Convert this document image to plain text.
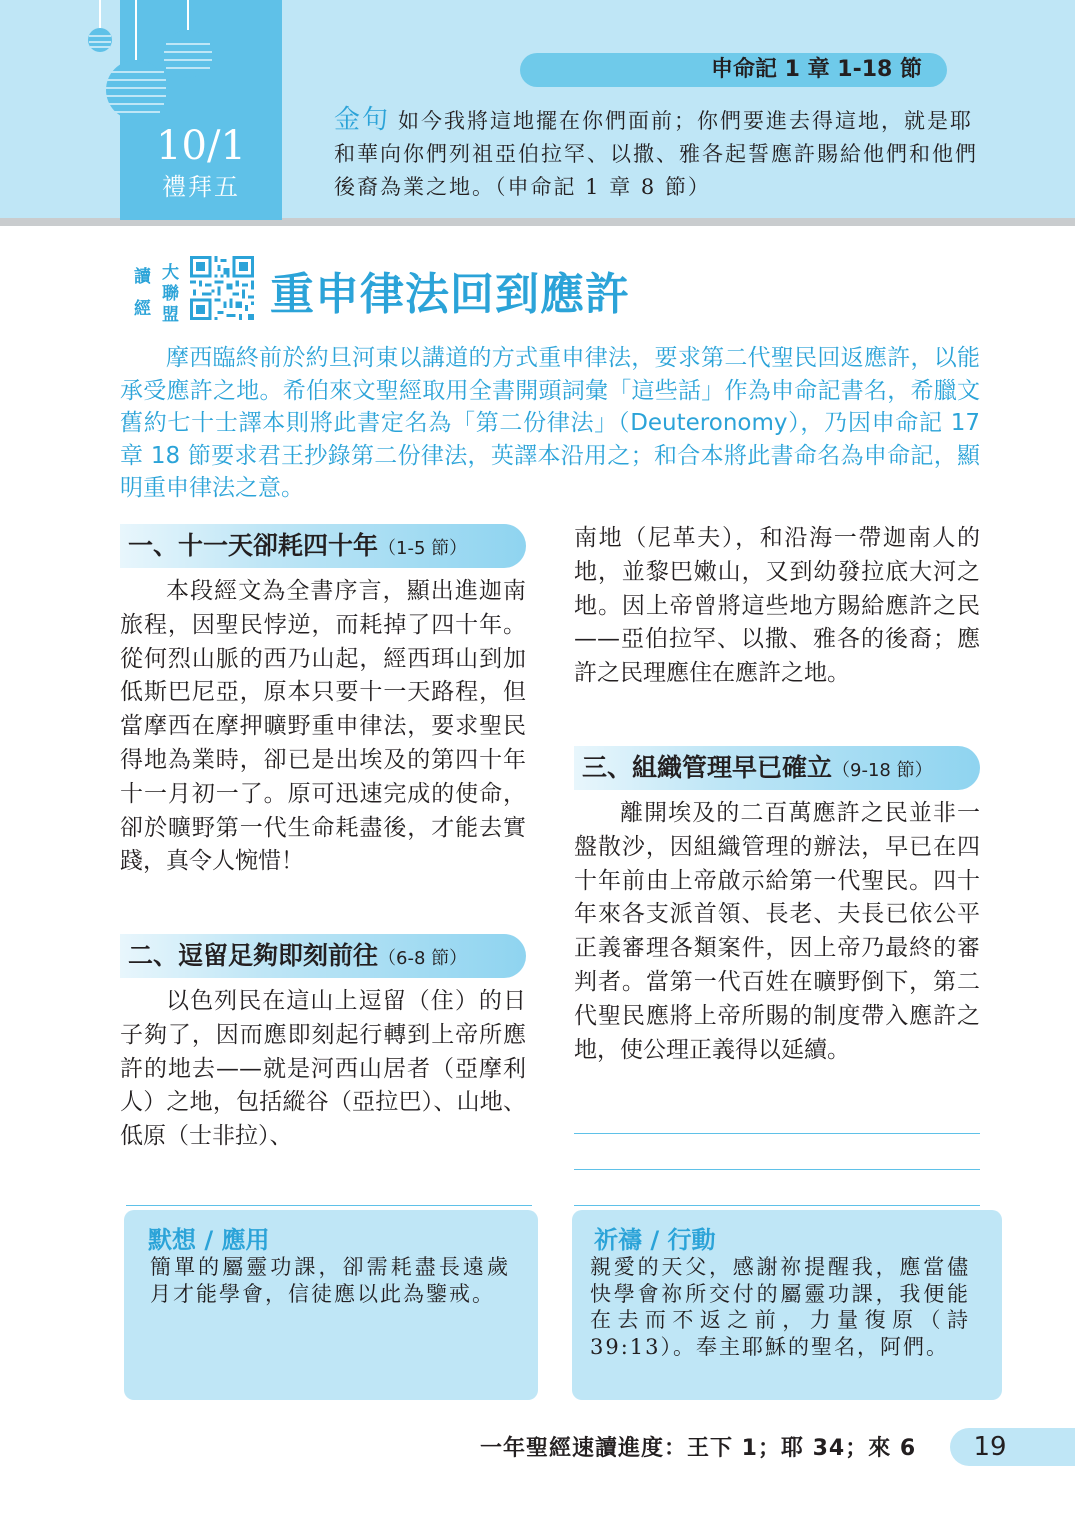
10/1
禮拜五
申命記 1 章 1-18 節
金句 如今我將這地擺在你們面前；你們要進去得這地，就是耶和華向你們列祖亞伯拉罕、以撒、雅各起誓應許賜給他們和他們後裔為業之地。（申命記 1 章 8 節）
讀
經
大
聯
盟 重申律法回到應許
摩西臨終前於約旦河東以講道的方式重申律法，要求第二代聖民回返應許，以能承受應許之地。希伯來文聖經取用全書開頭詞彙「這些話」作為申命記書名，希臘文舊約七十士譯本則將此書定名為「第二份律法」（Deuteronomy），乃因申命記 17 章 18 節要求君王抄錄第二份律法，英譯本沿用之；和合本將此書命名為申命記，顯明重申律法之意。
一、十一天卻耗四十年（1-5 節）
本段經文為全書序言，顯出進迦南旅程，因聖民悖逆，而耗掉了四十年。從何烈山脈的西乃山起，經西珥山到加低斯巴尼亞，原本只要十一天路程，但當摩西在摩押曠野重申律法，要求聖民得地為業時，卻已是出埃及的第四十年十一月初一了。原可迅速完成的使命，卻於曠野第一代生命耗盡後，才能去實踐，真令人惋惜！
二、逗留足夠即刻前往（6-8 節）
以色列民在這山上逗留（住）的日子夠了，因而應即刻起行轉到上帝所應許的地去——就是河西山居者（亞摩利人）之地，包括縱谷（亞拉巴）、山地、低原（士非拉）、
南地（尼革夫），和沿海一帶迦南人的地，並黎巴嫩山，又到幼發拉底大河之地。因上帝曾將這些地方賜給應許之民——亞伯拉罕、以撒、雅各的後裔；應許之民理應住在應許之地。
三、組織管理早已確立（9-18 節）
離開埃及的二百萬應許之民並非一盤散沙，因組織管理的辦法，早已在四十年前由上帝啟示給第一代聖民。四十年來各支派首領、長老、夫長已依公平正義審理各類案件，因上帝乃最終的審判者。當第一代百姓在曠野倒下，第二代聖民應將上帝所賜的制度帶入應許之地，使公理正義得以延續。
默想 / 應用
簡單的屬靈功課，卻需耗盡長遠歲月才能學會，信徒應以此為鑒戒。
祈禱 / 行動
親愛的天父，感謝祢提醒我，應當儘快學會祢所交付的屬靈功課，我便能在去而不返之前，力量復原（詩 39:13）。奉主耶穌的聖名，阿們。
一年聖經速讀進度：王下 1；耶 34；來 6	19
